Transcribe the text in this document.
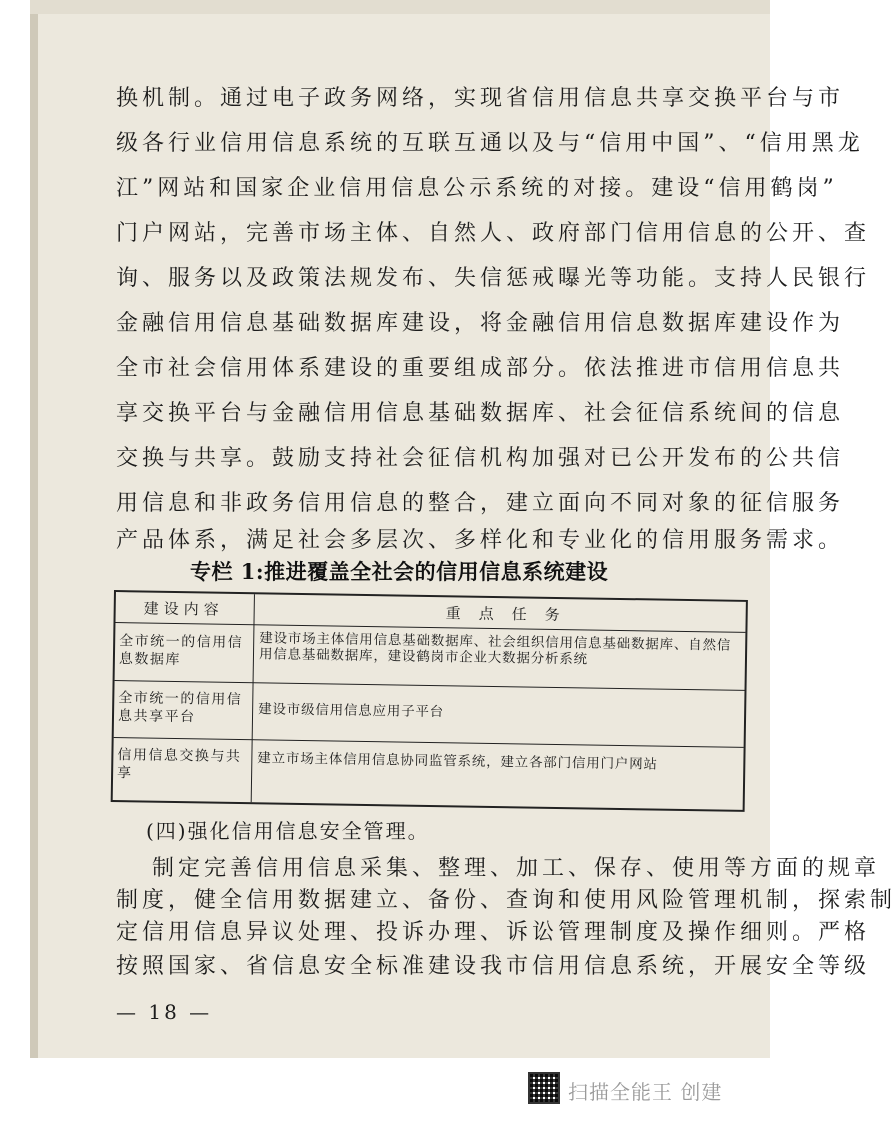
换机制。通过电子政务网络，实现省信用信息共享交换平台与市
级各行业信用信息系统的互联互通以及与“信用中国”、“信用黑龙
江”网站和国家企业信用信息公示系统的对接。建设“信用鹤岗”
门户网站，完善市场主体、自然人、政府部门信用信息的公开、查
询、服务以及政策法规发布、失信惩戒曝光等功能。支持人民银行
金融信用信息基础数据库建设，将金融信用信息数据库建设作为
全市社会信用体系建设的重要组成部分。依法推进市信用信息共
享交换平台与金融信用信息基础数据库、社会征信系统间的信息
交换与共享。鼓励支持社会征信机构加强对已公开发布的公共信
用信息和非政务信用信息的整合，建立面向不同对象的征信服务
产品体系，满足社会多层次、多样化和专业化的信用服务需求。
专栏 1:推进覆盖全社会的信用信息系统建设
建设内容	重点任务
全市统一的信用信息数据库
建设市场主体信用信息基础数据库、社会组织信用信息基础数据库、自然信用信息基础数据库，建设鹤岗市企业大数据分析系统
全市统一的信用信息共享平台	建设市级信用信息应用子平台
信用信息交换与共享
建立市场主体信用信息协同监管系统，建立各部门信用门户网站
(四)强化信用信息安全管理。
制定完善信用信息采集、整理、加工、保存、使用等方面的规章
制度，健全信用数据建立、备份、查询和使用风险管理机制，探索制
定信用信息异议处理、投诉办理、诉讼管理制度及操作细则。严格
按照国家、省信息安全标准建设我市信用信息系统，开展安全等级
— 18 —
扫描全能王 创建
